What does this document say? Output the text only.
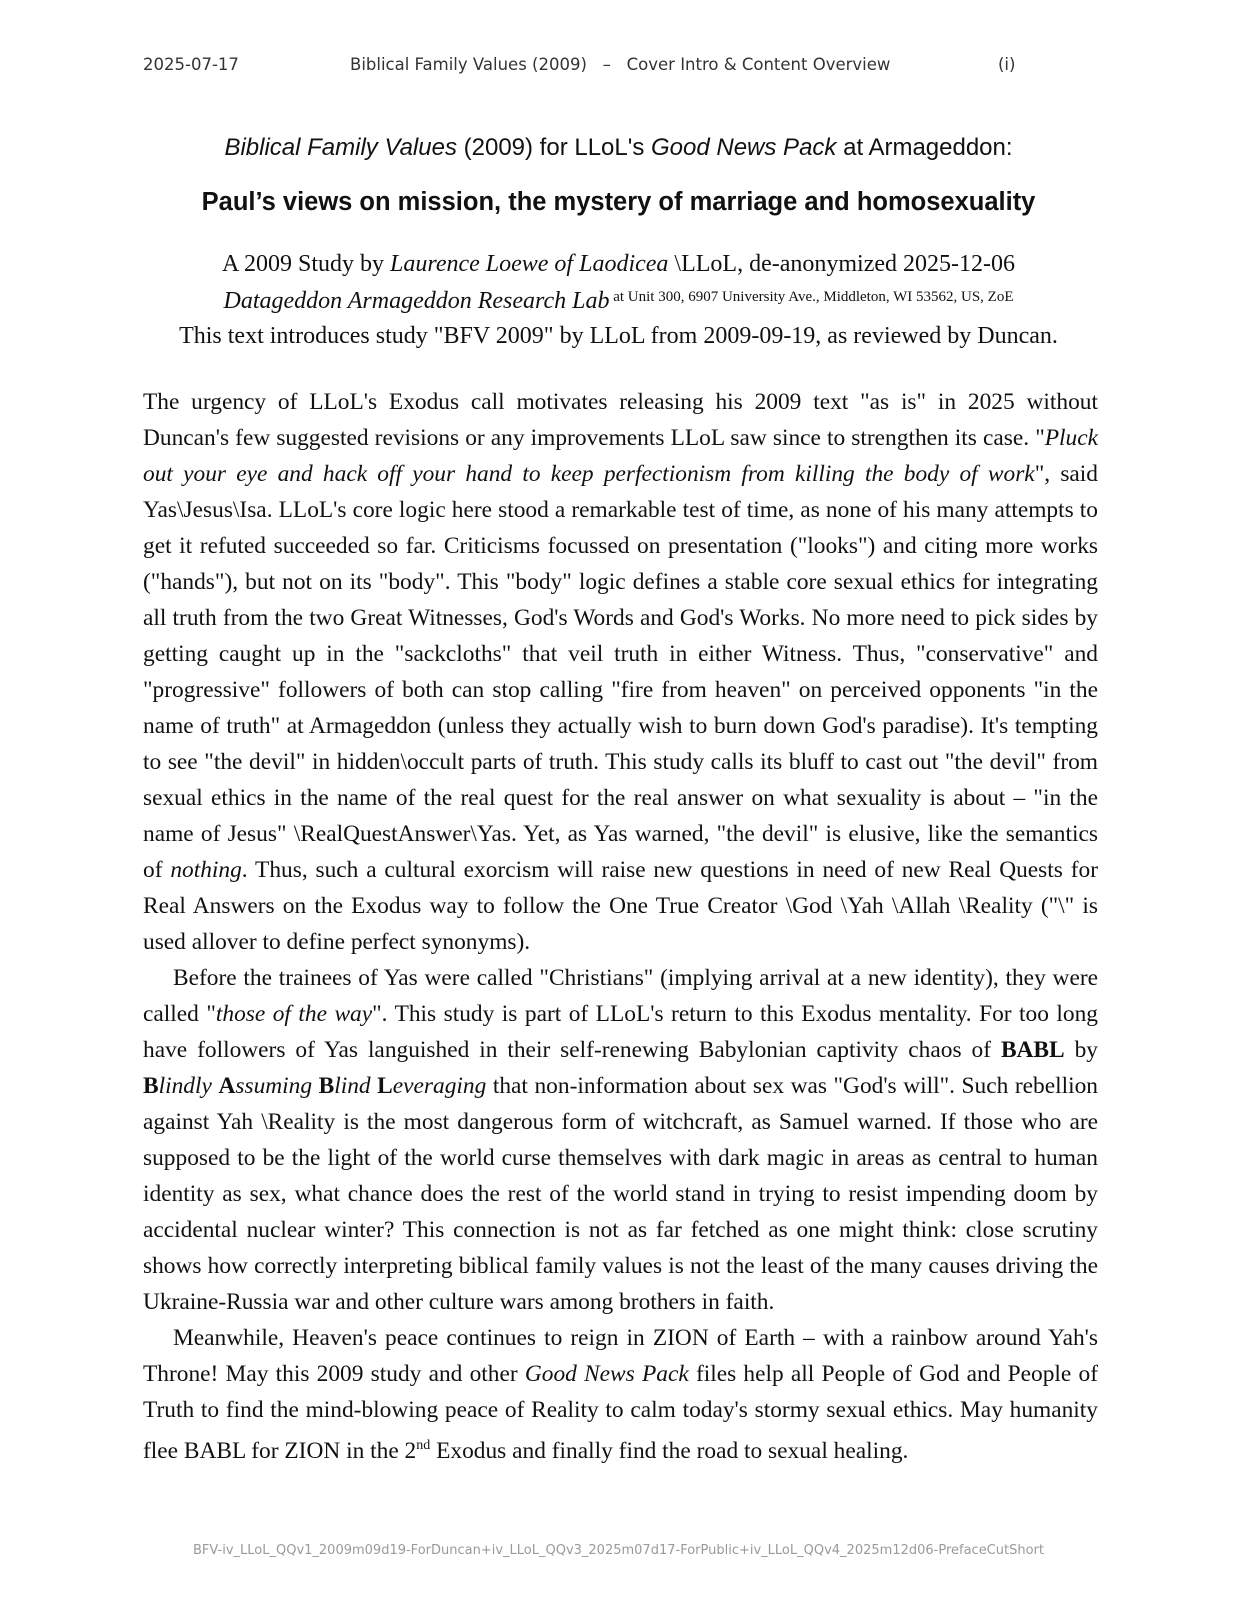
2025-07-17	Biblical Family Values (2009)   –   Cover Intro & Content Overview	(i)
Biblical Family Values (2009) for LLoL's Good News Pack at Armageddon:
Paul’s views on mission, the mystery of marriage and homosexuality
A 2009 Study by Laurence Loewe of Laodicea \LLoL, de-anonymized 2025-12-06
Datageddon Armageddon Research Lab $^{at Unit 300, 6907 University Ave., Middleton, WI 53562, US, ZoE}$
This text introduces study "BFV 2009" by LLoL from 2009-09-19, as reviewed by Duncan.

The urgency of LLoL's Exodus call motivates releasing his 2009 text "as is" in 2025 without Duncan's few suggested revisions or any improvements LLoL saw since to strengthen its case. "Pluck out your eye and hack off your hand to keep perfectionism from killing the body of work", said Yas\Jesus\Isa. LLoL's core logic here stood a remarkable test of time, as none of his many attempts to get it refuted succeeded so far. Criticisms focussed on presentation ("looks") and citing more works ("hands"), but not on its "body". This "body" logic defines a stable core sexual ethics for integrating all truth from the two Great Witnesses, God's Words and God's Works. No more need to pick sides by getting caught up in the "sackcloths" that veil truth in either Witness. Thus, "conservative" and "progressive" followers of both can stop calling "fire from heaven" on perceived opponents "in the name of truth" at Armageddon (unless they actually wish to burn down God's paradise). It's tempting to see "the devil" in hidden\occult parts of truth. This study calls its bluff to cast out "the devil" from sexual ethics in the name of the real quest for the real answer on what sexuality is about – "in the name of Jesus" \RealQuestAnswer\Yas. Yet, as Yas warned, "the devil" is elusive, like the semantics of nothing. Thus, such a cultural exorcism will raise new questions in need of new Real Quests for Real Answers on the Exodus way to follow the One True Creator \God \Yah \Allah \Reality ("\" is used allover to define perfect synonyms).

Before the trainees of Yas were called "Christians" (implying arrival at a new identity), they were called "those of the way". This study is part of LLoL's return to this Exodus mentality. For too long have followers of Yas languished in their self-renewing Babylonian captivity chaos of BABL by Blindly Assuming Blind Leveraging that non-information about sex was "God's will". Such rebellion against Yah \Reality is the most dangerous form of witchcraft, as Samuel warned. If those who are supposed to be the light of the world curse themselves with dark magic in areas as central to human identity as sex, what chance does the rest of the world stand in trying to resist impending doom by accidental nuclear winter? This connection is not as far fetched as one might think: close scrutiny shows how correctly interpreting biblical family values is not the least of the many causes driving the Ukraine-Russia war and other culture wars among brothers in faith.

Meanwhile, Heaven's peace continues to reign in ZION of Earth – with a rainbow around Yah's Throne! May this 2009 study and other Good News Pack files help all People of God and People of Truth to find the mind-blowing peace of Reality to calm today's stormy sexual ethics. May humanity flee BABL for ZION in the 2nd Exodus and finally find the road to sexual healing.

BFV-iv_LLoL_QQv1_2009m09d19-ForDuncan+iv_LLoL_QQv3_2025m07d17-ForPublic+iv_LLoL_QQv4_2025m12d06-PrefaceCutShort
